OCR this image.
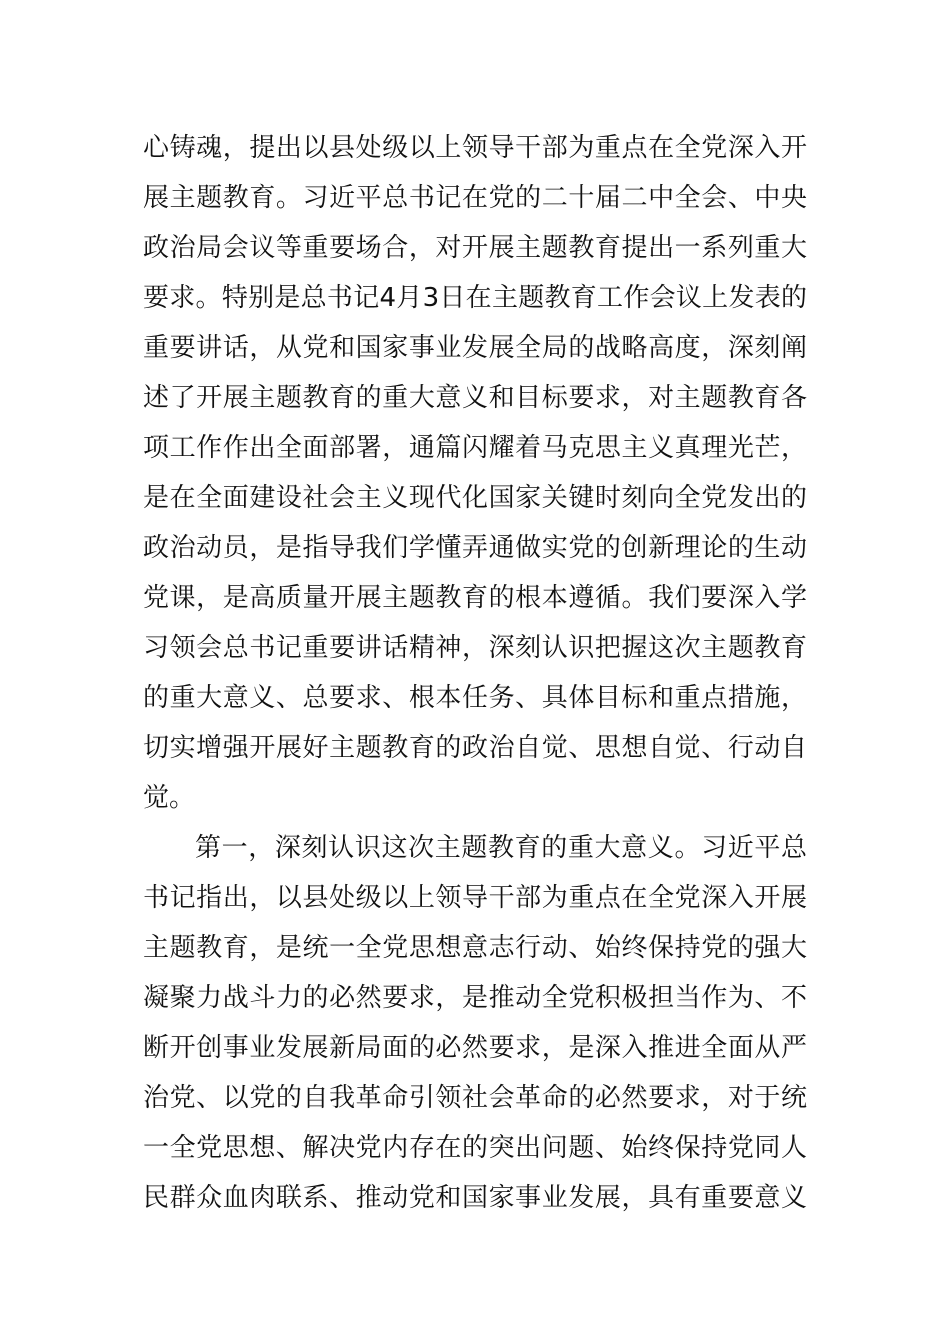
心铸魂，提出以县处级以上领导干部为重点在全党深入开
展主题教育。习近平总书记在党的二十届二中全会、中央
政治局会议等重要场合，对开展主题教育提出一系列重大
要求。特别是总书记4月3日在主题教育工作会议上发表的
重要讲话，从党和国家事业发展全局的战略高度，深刻阐
述了开展主题教育的重大意义和目标要求，对主题教育各
项工作作出全面部署，通篇闪耀着马克思主义真理光芒，
是在全面建设社会主义现代化国家关键时刻向全党发出的
政治动员，是指导我们学懂弄通做实党的创新理论的生动
党课，是高质量开展主题教育的根本遵循。我们要深入学
习领会总书记重要讲话精神，深刻认识把握这次主题教育
的重大意义、总要求、根本任务、具体目标和重点措施，
切实增强开展好主题教育的政治自觉、思想自觉、行动自
觉。
第一，深刻认识这次主题教育的重大意义。习近平总
书记指出，以县处级以上领导干部为重点在全党深入开展
主题教育，是统一全党思想意志行动、始终保持党的强大
凝聚力战斗力的必然要求，是推动全党积极担当作为、不
断开创事业发展新局面的必然要求，是深入推进全面从严
治党、以党的自我革命引领社会革命的必然要求，对于统
一全党思想、解决党内存在的突出问题、始终保持党同人
民群众血肉联系、推动党和国家事业发展，具有重要意义
